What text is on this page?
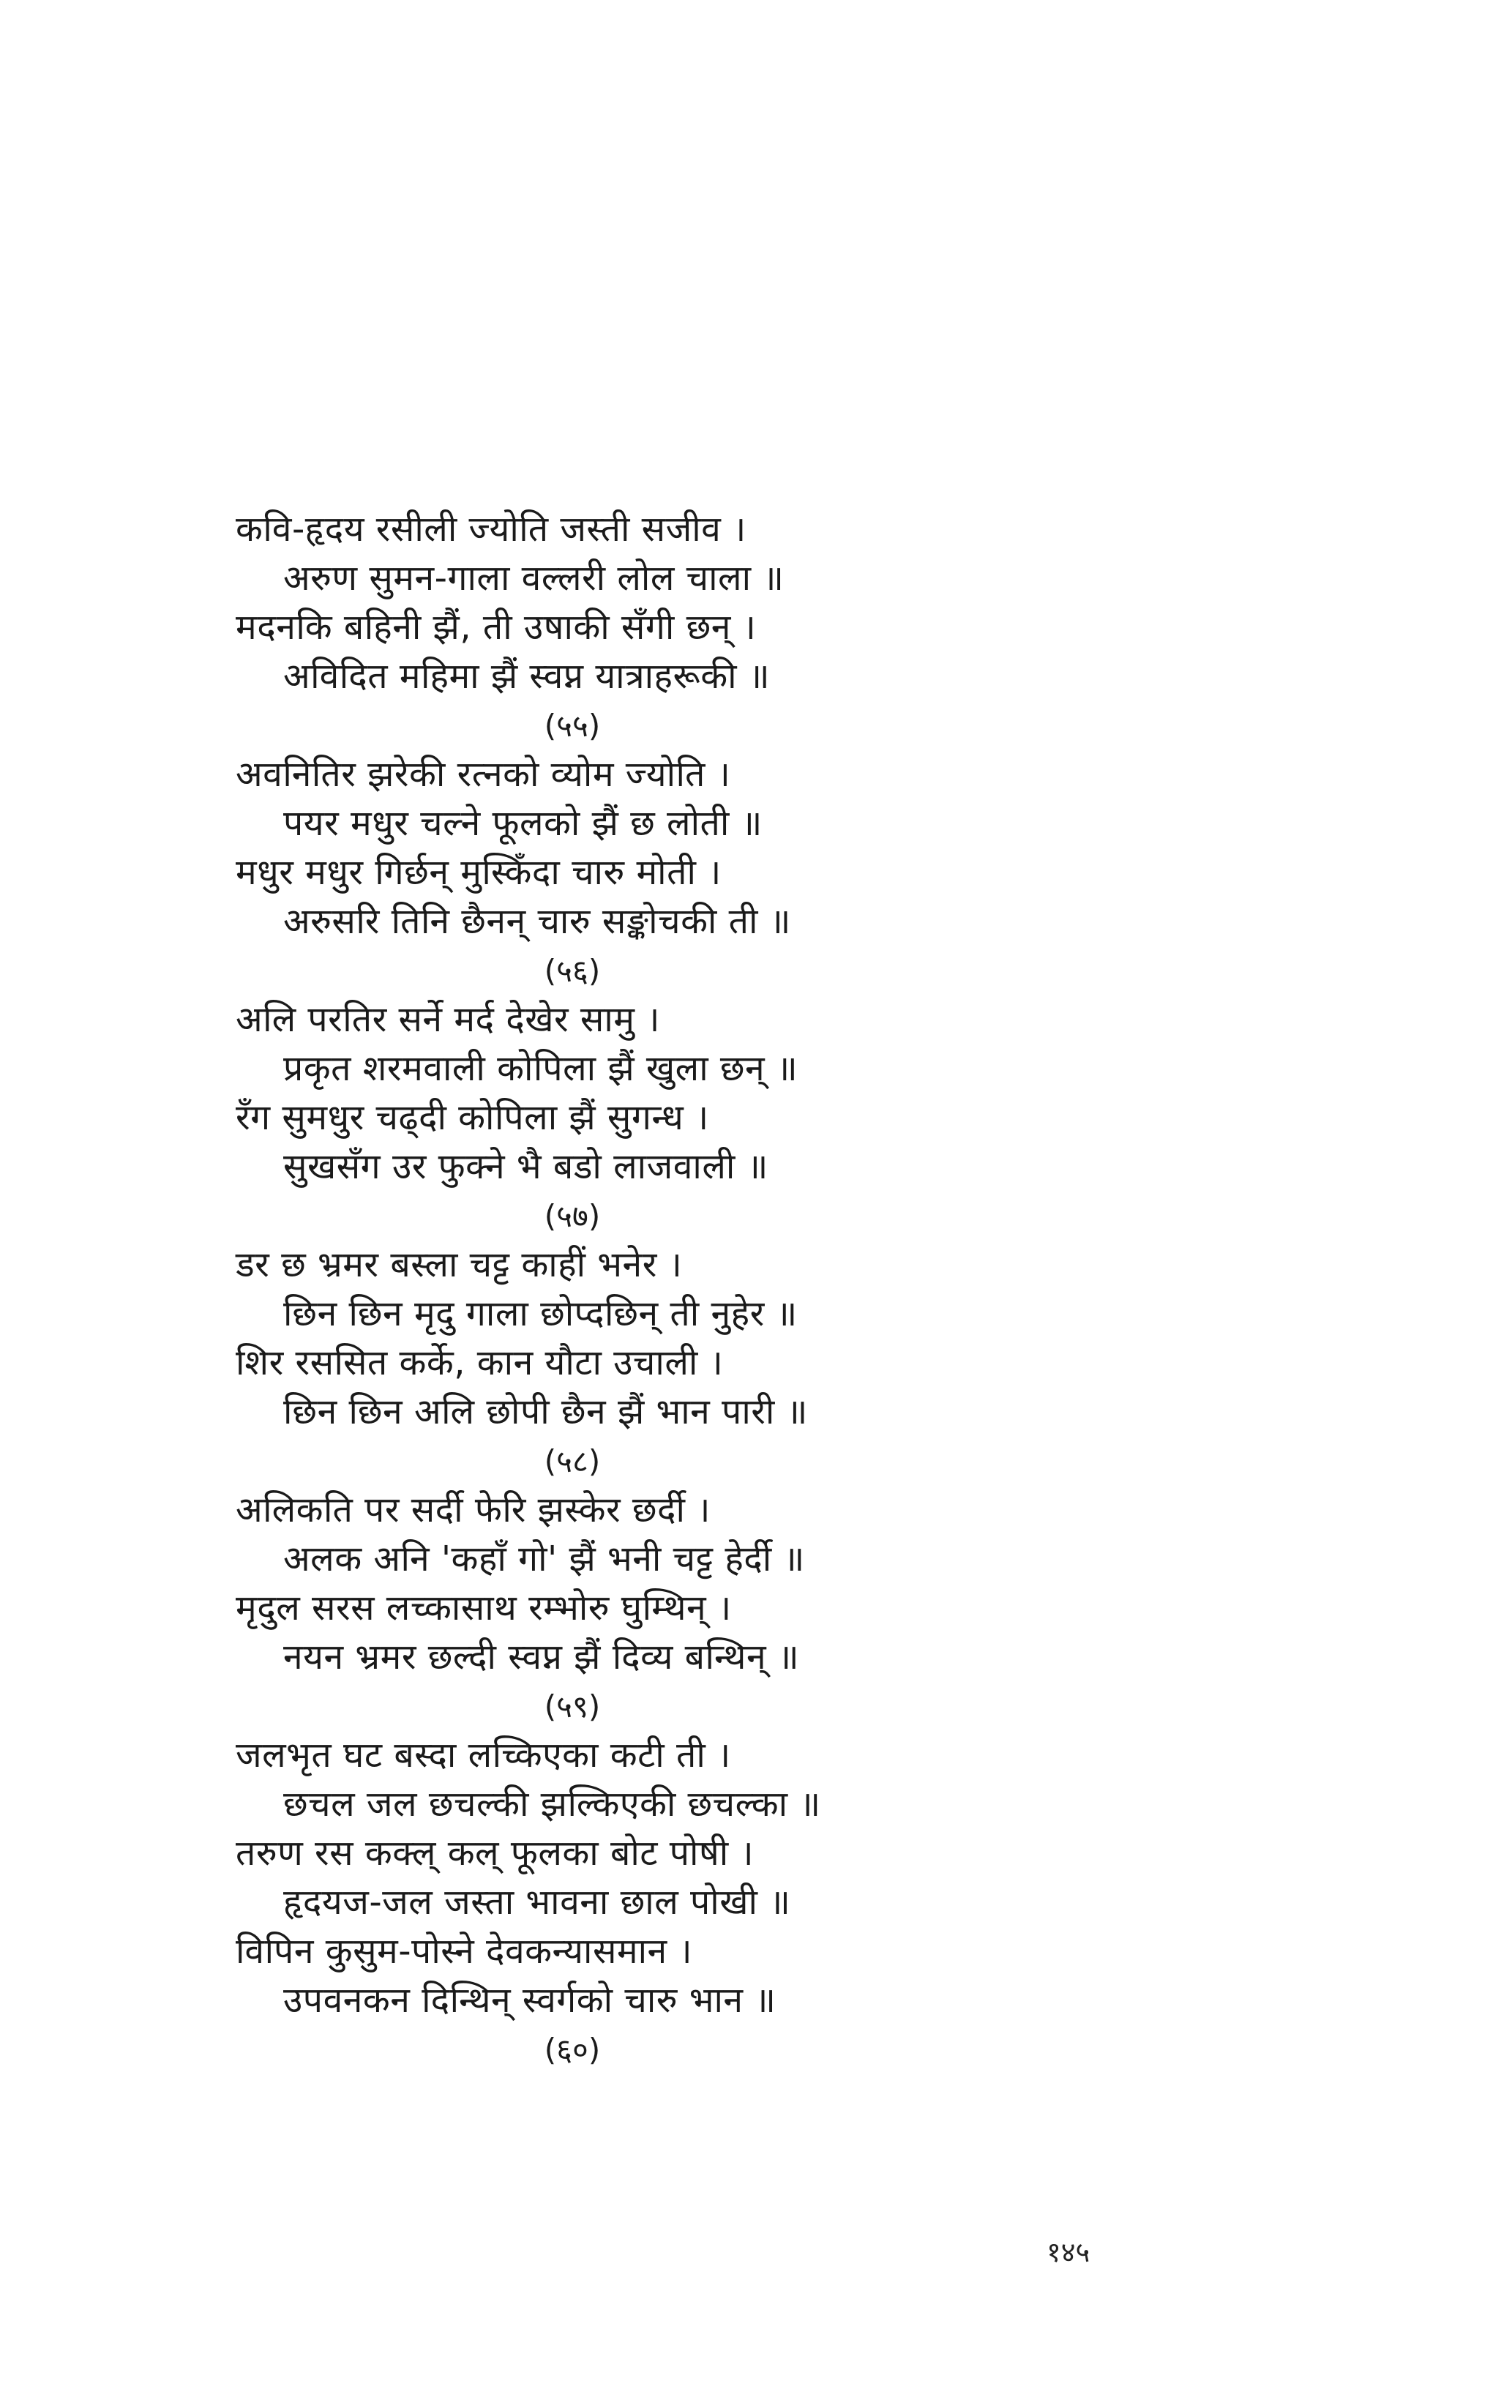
कवि-हृदय रसीली ज्योति जस्ती सजीव ।
अरुण सुमन-गाला वल्लरी लोल चाला ॥
मदनकि बहिनी झैं, ती उषाकी सँगी छन् ।
अविदित महिमा झैं स्वप्न यात्राहरूकी ॥
(५५)
अवनितिर झरेकी रत्नको व्योम ज्योति ।
पयर मधुर चल्ने फूलको झैं छ लोती ॥
मधुर मधुर गिर्छन् मुस्किँदा चारु मोती ।
अरुसरि तिनि छैनन् चारु सङ्कोचकी ती ॥
(५६)
अलि परतिर सर्ने मर्द देखेर सामु ।
प्रकृत शरमवाली कोपिला झैं खुला छन् ॥
रँग सुमधुर चढ्दी कोपिला झैं सुगन्ध ।
सुखसँग उर फुक्ने भै बडो लाजवाली ॥
(५७)
डर छ भ्रमर बस्ला चट्ट काहीं भनेर ।
छिन छिन मृदु गाला छोप्दछिन् ती नुहेर ॥
शिर रससित कर्के, कान यौटा उचाली ।
छिन छिन अलि छोपी छैन झैं भान पारी ॥
(५८)
अलिकति पर सर्दी फेरि झस्केर छर्दी ।
अलक अनि 'कहाँ गो' झैं भनी चट्ट हेर्दी ॥
मृदुल सरस लच्कासाथ रम्भोरु घुम्थिन् ।
नयन भ्रमर छल्दी स्वप्न झैं दिव्य बन्थिन् ॥
(५९)
जलभृत घट बस्दा लच्किएका कटी ती ।
छचल जल छचल्की झल्किएकी छचल्का ॥
तरुण रस कक्ल् कल् फूलका बोट पोषी ।
हृदयज-जल जस्ता भावना छाल पोखी ॥
विपिन कुसुम-पोस्ने देवकन्यासमान ।
उपवनकन दिन्थिन् स्वर्गको चारु भान ॥
(६०)
१४५
